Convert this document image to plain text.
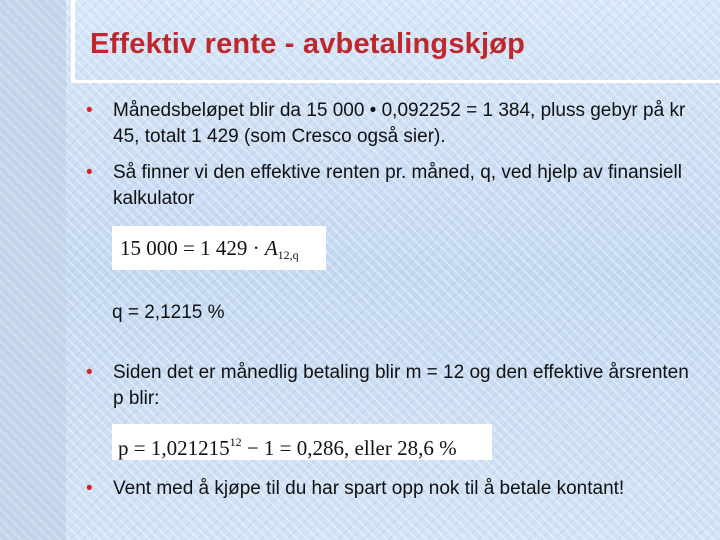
Effektiv rente - avbetalingskjøp
• Månedsbeløpet blir da 15 000 • 0,092252 = 1 384, pluss gebyr på kr 45, totalt 1 429 (som Cresco også sier).
• Så finner vi den effektive renten pr. måned, q, ved hjelp av finansiell kalkulator
15 000 = 1 $429 \cdot A_{12,q}$
q = 2,1215 %
• Siden det er månedlig betaling blir m = 12 og den effektive årsrenten p blir:
$p = 1,021215^{12} - 1 = 0,286$, eller 28,6 %
• Vent med å kjøpe til du har spart opp nok til å betale kontant!
